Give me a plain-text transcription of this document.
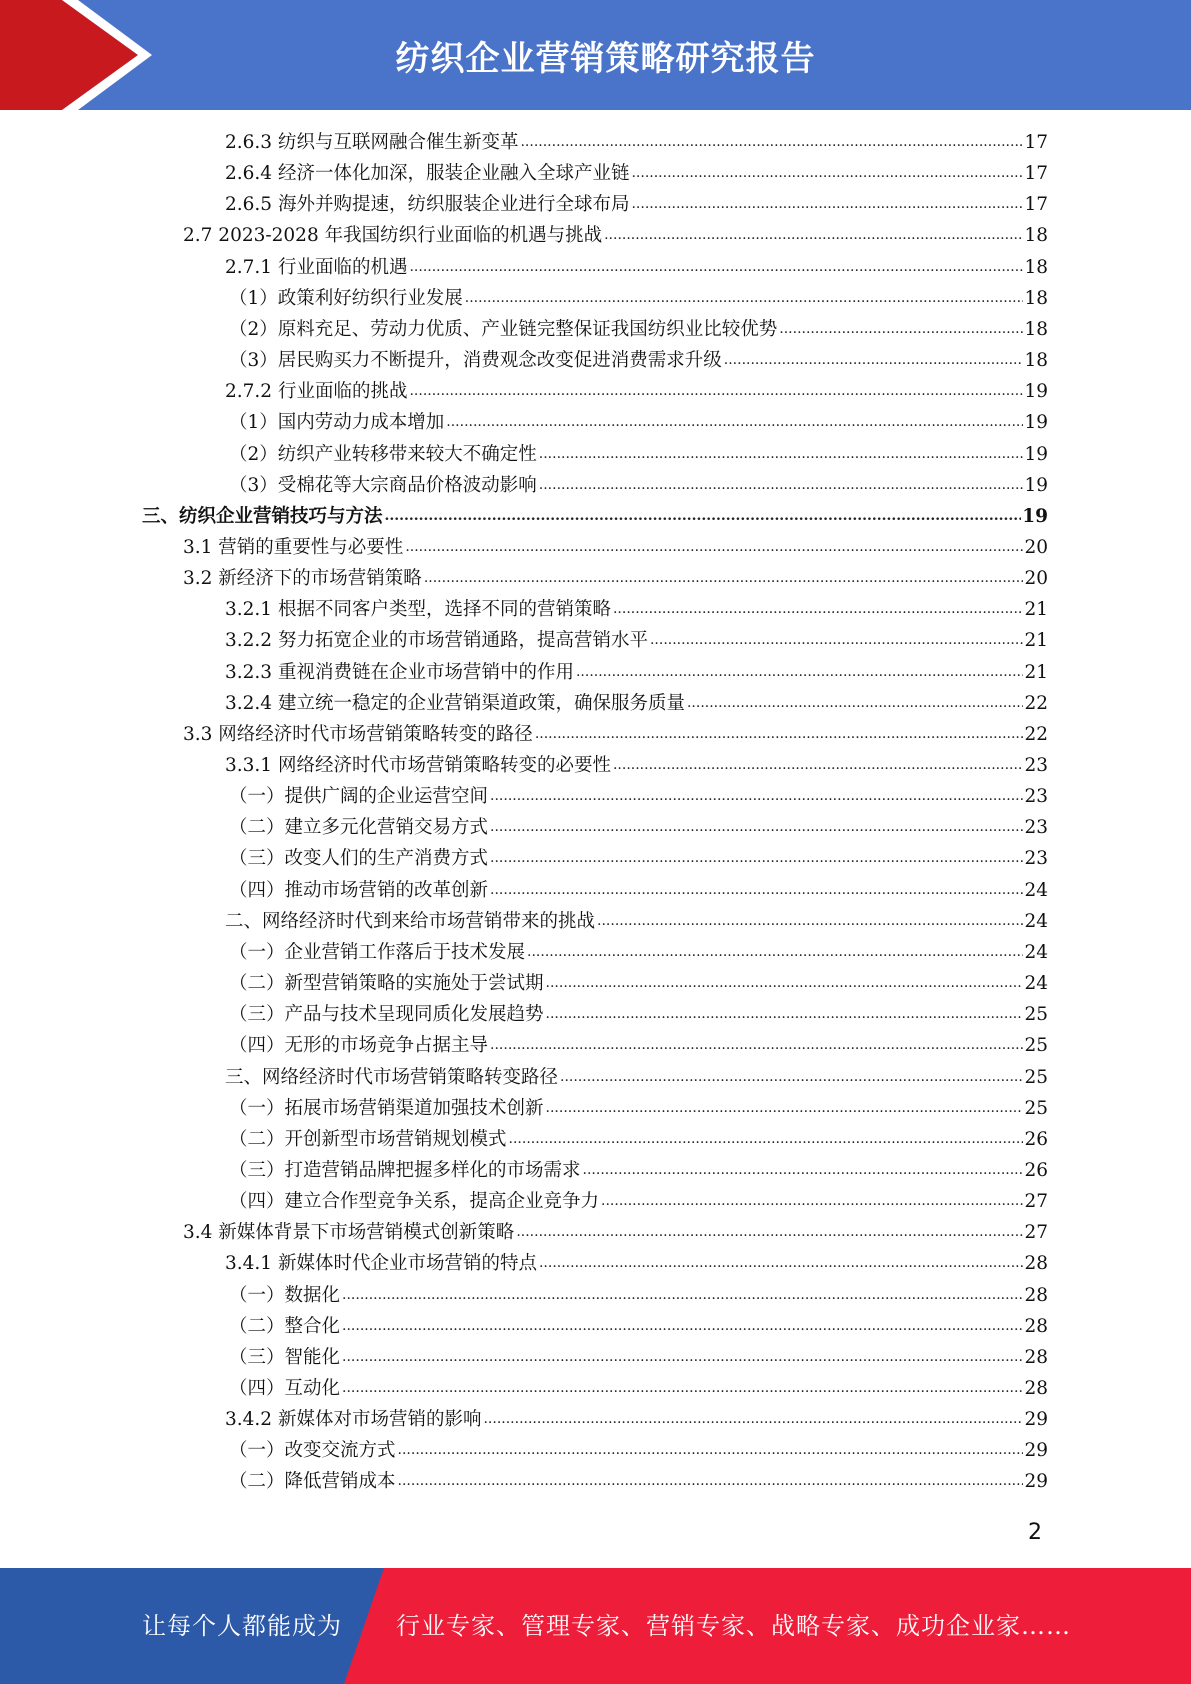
纺织企业营销策略研究报告
2.6.3 纺织与互联网融合催生新变革 .....	17
2.6.4 经济一体化加深，服装企业融入全球产业链 .....	17
2.6.5 海外并购提速，纺织服装企业进行全球布局 .....	17
2.7 2023-2028 年我国纺织行业面临的机遇与挑战 .....	18
2.7.1 行业面临的机遇 .....	18
（1）政策利好纺织行业发展 .....	18
（2）原料充足、劳动力优质、产业链完整保证我国纺织业比较优势 .....	18
（3）居民购买力不断提升，消费观念改变促进消费需求升级 .....	18
2.7.2 行业面临的挑战 .....	19
（1）国内劳动力成本增加 .....	19
（2）纺织产业转移带来较大不确定性 .....	19
（3）受棉花等大宗商品价格波动影响 .....	19
三、纺织企业营销技巧与方法 .....	19
3.1 营销的重要性与必要性 .....	20
3.2 新经济下的市场营销策略 .....	20
3.2.1 根据不同客户类型，选择不同的营销策略 .....	21
3.2.2 努力拓宽企业的市场营销通路，提高营销水平 .....	21
3.2.3 重视消费链在企业市场营销中的作用 .....	21
3.2.4 建立统一稳定的企业营销渠道政策，确保服务质量 .....	22
3.3 网络经济时代市场营销策略转变的路径 .....	22
3.3.1 网络经济时代市场营销策略转变的必要性 .....	23
（一）提供广阔的企业运营空间 .....	23
（二）建立多元化营销交易方式 .....	23
（三）改变人们的生产消费方式 .....	23
（四）推动市场营销的改革创新 .....	24
二、网络经济时代到来给市场营销带来的挑战 .....	24
（一）企业营销工作落后于技术发展 .....	24
（二）新型营销策略的实施处于尝试期 .....	24
（三）产品与技术呈现同质化发展趋势 .....	25
（四）无形的市场竞争占据主导 .....	25
三、网络经济时代市场营销策略转变路径 .....	25
（一）拓展市场营销渠道加强技术创新 .....	25
（二）开创新型市场营销规划模式 .....	26
（三）打造营销品牌把握多样化的市场需求 .....	26
（四）建立合作型竞争关系，提高企业竞争力 .....	27
3.4 新媒体背景下市场营销模式创新策略 .....	27
3.4.1 新媒体时代企业市场营销的特点 .....	28
（一）数据化 .....	28
（二）整合化 .....	28
（三）智能化 .....	28
（四）互动化 .....	28
3.4.2 新媒体对市场营销的影响 .....	29
（一）改变交流方式 .....	29
（二）降低营销成本 .....	29
2
让每个人都能成为 行业专家、管理专家、营销专家、战略专家、成功企业家……
